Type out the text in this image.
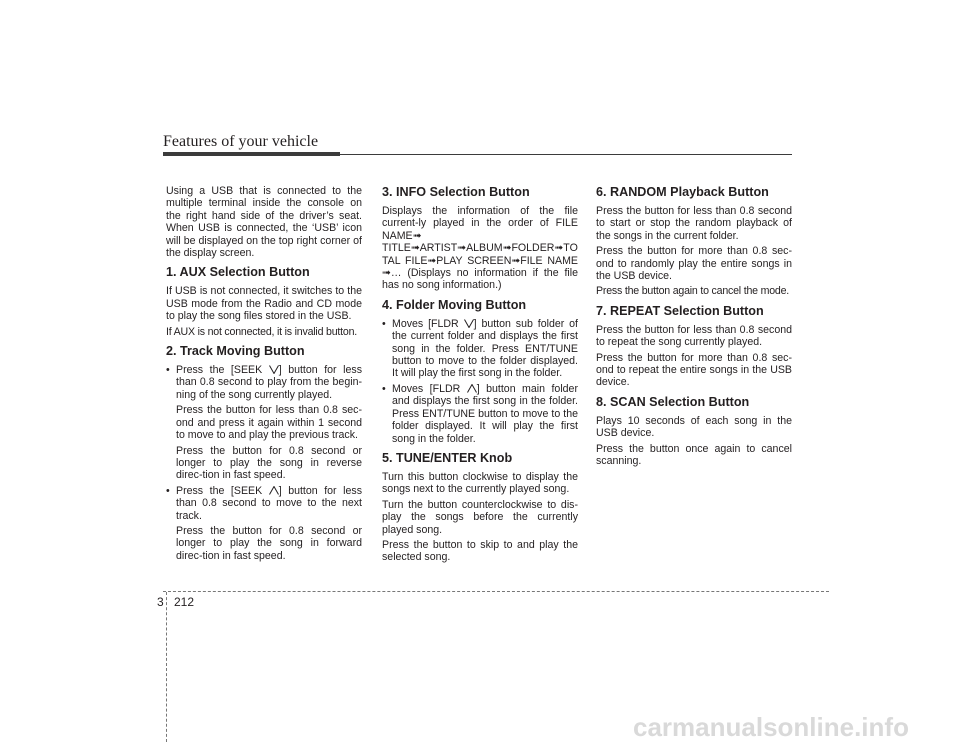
Features of your vehicle

Using a USB that is connected to the multiple terminal inside the console on the right hand side of the driver’s seat. When USB is connected, the ‘USB’ icon will be displayed on the top right corner of the display screen.

1. AUX Selection Button

If USB is not connected, it switches to the USB mode from the Radio and CD mode to play the song files stored in the USB.

If AUX is not connected, it is invalid button.

2. Track Moving Button
• Press the [SEEK
] button for less than 0.8 second to play from the begin-ning of the song currently played.

Press the button for less than 0.8 sec-ond and press it again within 1 second to move to and play the previous track.

Press the button for 0.8 second or longer to play the song in reverse direc-tion in fast speed.

• Press the [SEEK
] button for less than 0.8 second to move to the next track.

Press the button for 0.8 second or longer to play the song in forward direc-tion in fast speed.

3. INFO Selection Button

Displays the information of the file current-ly played in the order of FILE NAME➟ TITLE➟ARTIST➟ALBUM➟FOLDER➟TO TAL FILE➟PLAY SCREEN➟FILE NAME ➟… (Displays no information if the file has no song information.)

4. Folder Moving Button
• Moves [FLDR
] button sub folder of the current folder and displays the first song in the folder. Press ENT/TUNE button to move to the folder displayed. It will play the first song in the folder.
• Moves [FLDR
] button main folder and displays the first song in the folder. Press ENT/TUNE button to move to the folder displayed. It will play the first song in the folder.
5. TUNE/ENTER Knob

Turn this button clockwise to display the songs next to the currently played song.

Turn the button counterclockwise to dis-play the songs before the currently played song.

Press the button to skip to and play the selected song.

6. RANDOM Playback Button

Press the button for less than 0.8 second to start or stop the random playback of the songs in the current folder.

Press the button for more than 0.8 sec-ond to randomly play the entire songs in the USB device.

Press the button again to cancel the mode.

7. REPEAT Selection Button

Press the button for less than 0.8 second to repeat the song currently played.

Press the button for more than 0.8 sec-ond to repeat the entire songs in the USB device.

8. SCAN Selection Button

Plays 10 seconds of each song in the USB device.

Press the button once again to cancel scanning.

3 212
carmanualsonline.info
